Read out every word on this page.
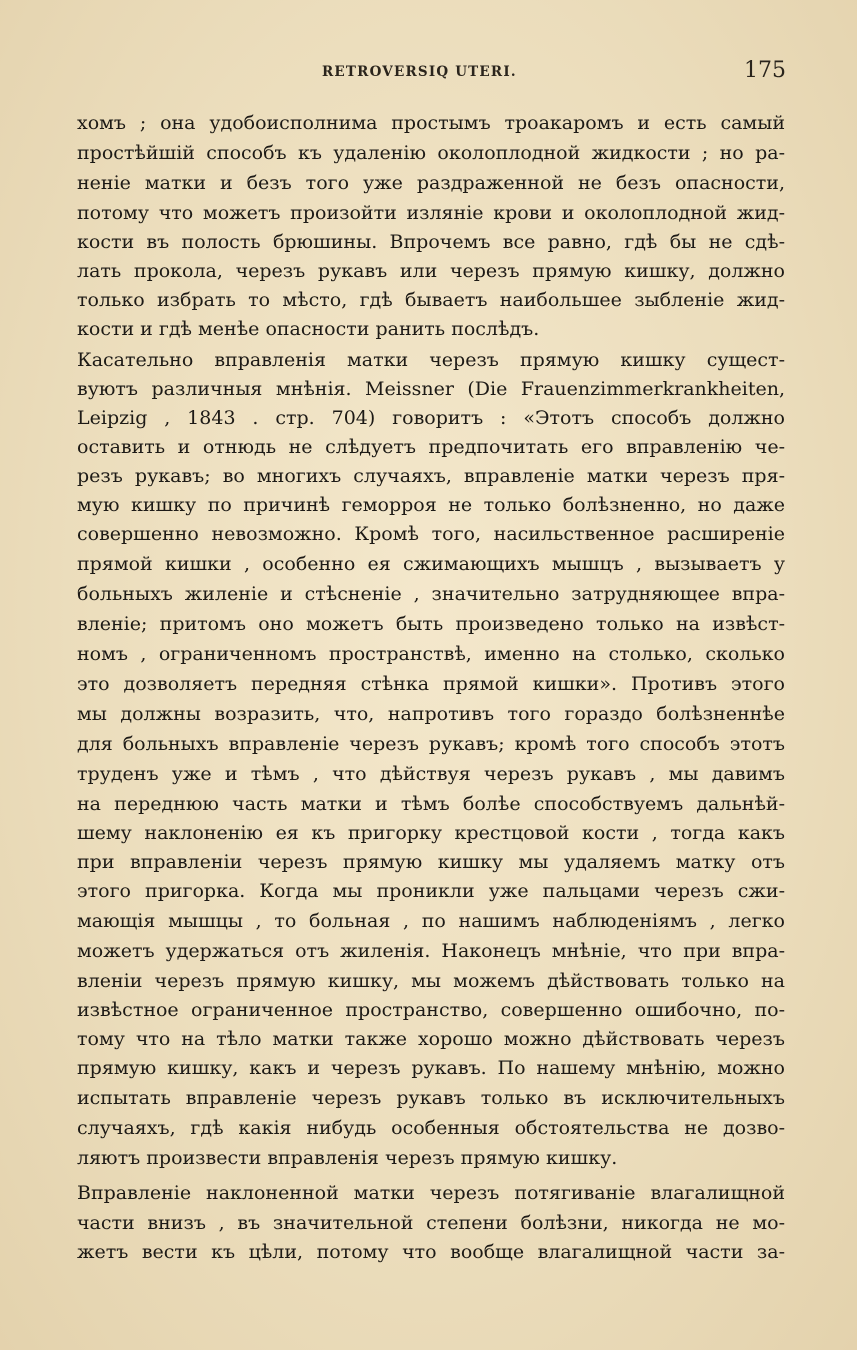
RETROVERSIQ UTERI.	175
хомъ ; она удобоисполнима простымъ троакаромъ и есть самый
простѣйшiй способъ къ удаленiю околоплодной жидкости ; но ра-
ненiе матки и безъ того уже раздраженной не безъ опасности,
потому что можетъ произойти изляніе крови и околоплодной жид-
кости въ полость брюшины. Впрочемъ все равно, гдѣ бы не сдѣ-
лать прокола, черезъ рукавъ или черезъ прямую кишку, должно
только избрать то мѣсто, гдѣ бываетъ наибольшее зыбленiе жид-
кости и гдѣ менѣе опасности ранить послѣдъ.
Касательно вправленiя матки черезъ прямую кишку сущест-
вуютъ различныя мнѣнiя. Meissner (Die Frauenzimmerkrankheiten,
Leipzig , 1843 . стр. 704) говоритъ : «Этотъ способъ должно
оставить и отнюдь не слѣдуетъ предпочитать его вправленiю че-
резъ рукавъ; во многихъ случаяхъ, вправленiе матки черезъ пря-
мую кишку по причинѣ геморроя не только болѣзненно, но даже
совершенно невозможно. Кромѣ того, насильственное расширенiе
прямой кишки , особенно ея сжимающихъ мышцъ , вызываетъ у
больныхъ жиленiе и стѣсненiе , значительно затрудняющее впра-
вленiе; притомъ оно можетъ быть произведено только на извѣст-
номъ , ограниченномъ пространствѣ, именно на столько, сколько
это дозволяетъ передняя стѣнка прямой кишки». Противъ этого
мы должны возразить, что, напротивъ того гораздо болѣзненнѣе
для больныхъ вправленiе черезъ рукавъ; кромѣ того способъ этотъ
труденъ уже и тѣмъ , что дѣйствуя черезъ рукавъ , мы давимъ
на переднюю часть матки и тѣмъ болѣе способствуемъ дальнѣй-
шему наклоненiю ея къ пригорку крестцовой кости , тогда какъ
при вправленiи черезъ прямую кишку мы удаляемъ матку отъ
этого пригорка. Когда мы проникли уже пальцами черезъ сжи-
мающiя мышцы , то больная , по нашимъ наблюденiямъ , легко
можетъ удержаться отъ жиленiя. Наконецъ мнѣнiе, что при впра-
вленiи черезъ прямую кишку, мы можемъ дѣйствовать только на
извѣстное ограниченное пространство, совершенно ошибочно, по-
тому что на тѣло матки также хорошо можно дѣйствовать черезъ
прямую кишку, какъ и черезъ рукавъ. По нашему мнѣнiю, можно
испытать вправленiе черезъ рукавъ только въ исключительныхъ
случаяхъ, гдѣ какiя нибудь особенныя обстоятельства не дозво-
ляютъ произвести вправленiя черезъ прямую кишку.
Вправленiе наклоненной матки черезъ потягиванiе влагалищной
части внизъ , въ значительной степени болѣзни, никогда не мо-
жетъ вести къ цѣли, потому что вообще влагалищной части за-
